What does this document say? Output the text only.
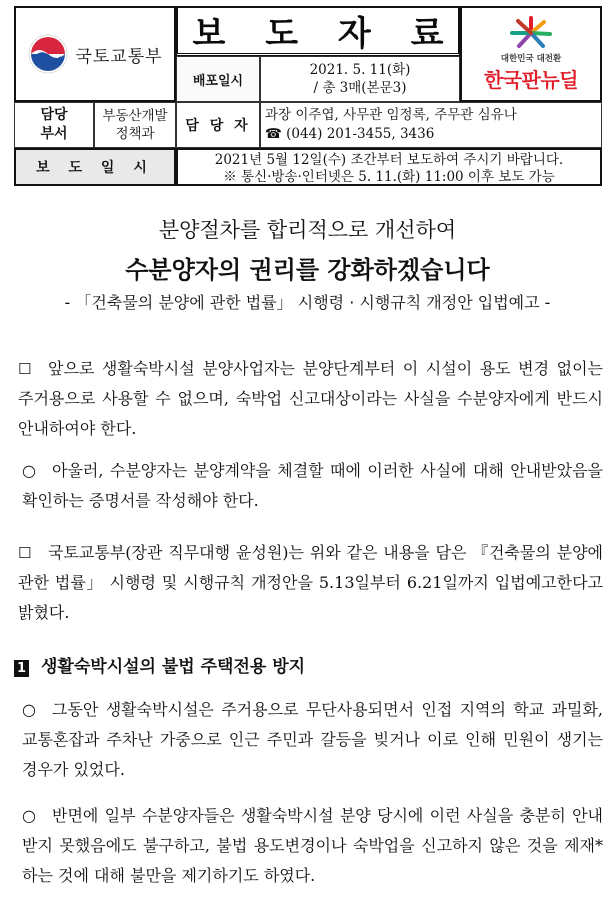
국토교통부
보 도 자 료
배포일시
2021. 5. 11(화)
/ 총 3매(본문3)
대한민국 대전환
한국판뉴딜
담당
부서
부동산개발
정책과	담 당 자
과장 이주엽, 사무관 임정록, 주무관 심유나
☎ (044) 201-3455, 3436
보 도 일 시	2021년 5월 12일(수) 조간부터 보도하여 주시기 바랍니다.
※ 통신·방송·인터넷은 5. 11.(화) 11:00 이후 보도 가능
분양절차를 합리적으로 개선하여
수분양자의 권리를 강화하겠습니다
- 「건축물의 분양에 관한 법률」 시행령 · 시행규칙 개정안 입법예고 -
☐ 앞으로 생활숙박시설 분양사업자는 분양단계부터 이 시설이 용도 변경 없이는 주거용으로 사용할 수 없으며, 숙박업 신고대상이라는 사실을 수분양자에게 반드시 안내하여야 한다.
○ 아울러, 수분양자는 분양계약을 체결할 때에 이러한 사실에 대해 안내받았음을 확인하는 증명서를 작성해야 한다.
☐ 국토교통부(장관 직무대행 윤성원)는 위와 같은 내용을 담은 『건축물의 분양에 관한 법률」 시행령 및 시행규칙 개정안을 5.13일부터 6.21일까지 입법예고한다고 밝혔다.
1 생활숙박시설의 불법 주택전용 방지
○ 그동안 생활숙박시설은 주거용으로 무단사용되면서 인접 지역의 학교 과밀화, 교통혼잡과 주차난 가중으로 인근 주민과 갈등을 빚거나 이로 인해 민원이 생기는 경우가 있었다.
○ 반면에 일부 수분양자들은 생활숙박시설 분양 당시에 이런 사실을 충분히 안내받지 못했음에도 불구하고, 불법 용도변경이나 숙박업을 신고하지 않은 것을 제재*하는 것에 대해 불만을 제기하기도 하였다.
